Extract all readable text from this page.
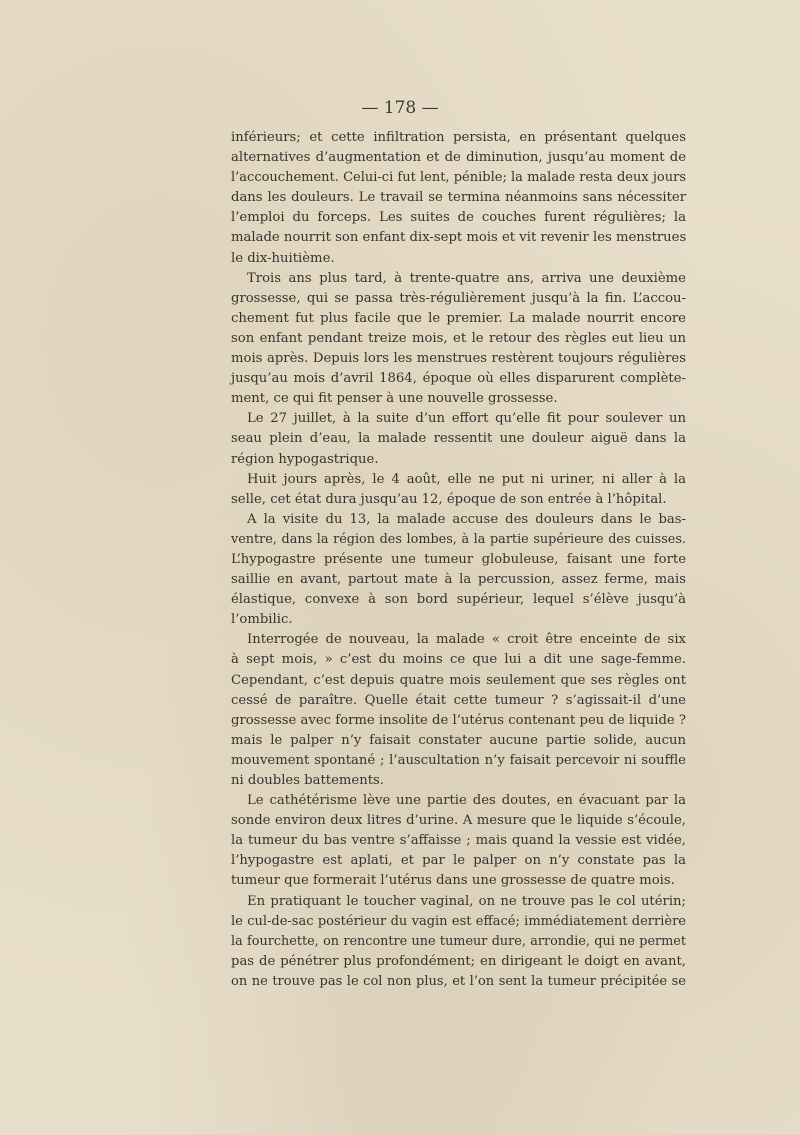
— 178 —
inférieurs; et cette infiltration persista, en présentant quelques
alternatives d’augmentation et de diminution, jusqu’au moment de
l’accouchement. Celui-ci fut lent, pénible; la malade resta deux jours
dans les douleurs. Le travail se termina néanmoins sans nécessiter
l’emploi du forceps. Les suites de couches furent régulières; la
malade nourrit son enfant dix-sept mois et vit revenir les menstrues
le dix-huitième.
Trois ans plus tard, à trente-quatre ans, arriva une deuxième
grossesse, qui se passa très-régulièrement jusqu’à la fin. L’accou-
chement fut plus facile que le premier. La malade nourrit encore
son enfant pendant treize mois, et le retour des règles eut lieu un
mois après. Depuis lors les menstrues restèrent toujours régulières
jusqu’au mois d’avril 1864, époque où elles disparurent complète-
ment, ce qui fit penser à une nouvelle grossesse.
Le 27 juillet, à la suite d’un effort qu’elle fit pour soulever un
seau plein d’eau, la malade ressentit une douleur aiguë dans la
région hypogastrique.
Huit jours après, le 4 août, elle ne put ni uriner, ni aller à la
selle, cet état dura jusqu’au 12, époque de son entrée à l’hôpital.
A la visite du 13, la malade accuse des douleurs dans le bas-
ventre, dans la région des lombes, à la partie supérieure des cuisses.
L’hypogastre présente une tumeur globuleuse, faisant une forte
saillie en avant, partout mate à la percussion, assez ferme, mais
élastique, convexe à son bord supérieur, lequel s’élève jusqu’à
l’ombilic.
Interrogée de nouveau, la malade « croit être enceinte de six
à sept mois, » c’est du moins ce que lui a dit une sage-femme.
Cependant, c’est depuis quatre mois seulement que ses règles ont
cessé de paraître. Quelle était cette tumeur ? s’agissait-il d’une
grossesse avec forme insolite de l’utérus contenant peu de liquide ?
mais le palper n’y faisait constater aucune partie solide, aucun
mouvement spontané ; l’auscultation n’y faisait percevoir ni souffle
ni doubles battements.
Le cathétérisme lève une partie des doutes, en évacuant par la
sonde environ deux litres d’urine. A mesure que le liquide s’écoule,
la tumeur du bas ventre s’affaisse ; mais quand la vessie est vidée,
l’hypogastre est aplati, et par le palper on n’y constate pas la
tumeur que formerait l’utérus dans une grossesse de quatre mois.
En pratiquant le toucher vaginal, on ne trouve pas le col utérin;
le cul-de-sac postérieur du vagin est effacé; immédiatement derrière
la fourchette, on rencontre une tumeur dure, arrondie, qui ne permet
pas de pénétrer plus profondément; en dirigeant le doigt en avant,
on ne trouve pas le col non plus, et l’on sent la tumeur précipitée se
